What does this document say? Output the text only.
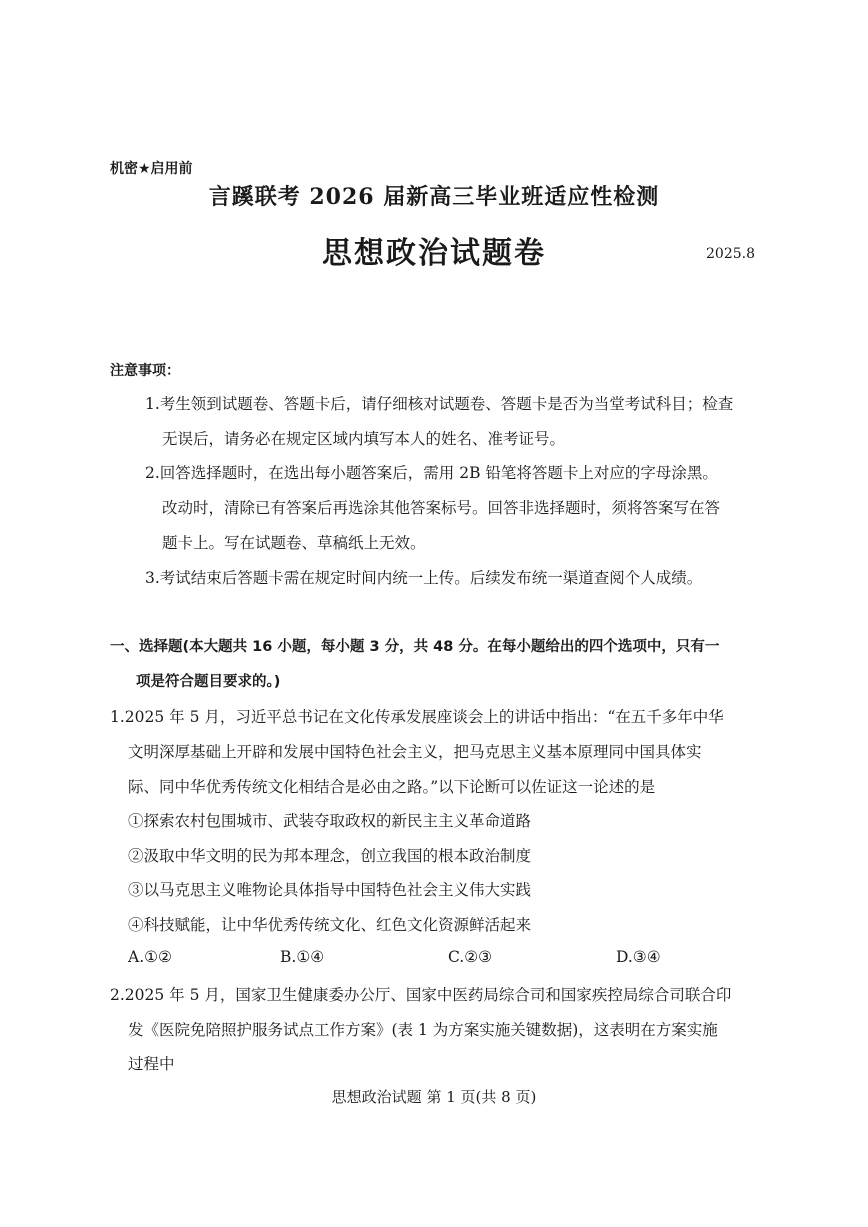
机密★启用前
言蹊联考 2026 届新高三毕业班适应性检测
思想政治试题卷	2025.8
注意事项：
1.考生领到试题卷、答题卡后，请仔细核对试题卷、答题卡是否为当堂考试科目；检查
无误后，请务必在规定区域内填写本人的姓名、准考证号。
2.回答选择题时，在选出每小题答案后，需用 2B 铅笔将答题卡上对应的字母涂黑。
改动时，清除已有答案后再选涂其他答案标号。回答非选择题时，须将答案写在答
题卡上。写在试题卷、草稿纸上无效。
3.考试结束后答题卡需在规定时间内统一上传。后续发布统一渠道查阅个人成绩。
一、选择题(本大题共 16 小题，每小题 3 分，共 48 分。在每小题给出的四个选项中，只有一
项是符合题目要求的。)
1.2025 年 5 月，习近平总书记在文化传承发展座谈会上的讲话中指出：“在五千多年中华
文明深厚基础上开辟和发展中国特色社会主义，把马克思主义基本原理同中国具体实
际、同中华优秀传统文化相结合是必由之路。”以下论断可以佐证这一论述的是
①探索农村包围城市、武装夺取政权的新民主主义革命道路
②汲取中华文明的民为邦本理念，创立我国的根本政治制度
③以马克思主义唯物论具体指导中国特色社会主义伟大实践
④科技赋能，让中华优秀传统文化、红色文化资源鲜活起来
A.①②	B.①④	C.②③	D.③④
2.2025 年 5 月，国家卫生健康委办公厅、国家中医药局综合司和国家疾控局综合司联合印
发《医院免陪照护服务试点工作方案》(表 1 为方案实施关键数据)，这表明在方案实施
过程中
思想政治试题 第 1 页(共 8 页)
